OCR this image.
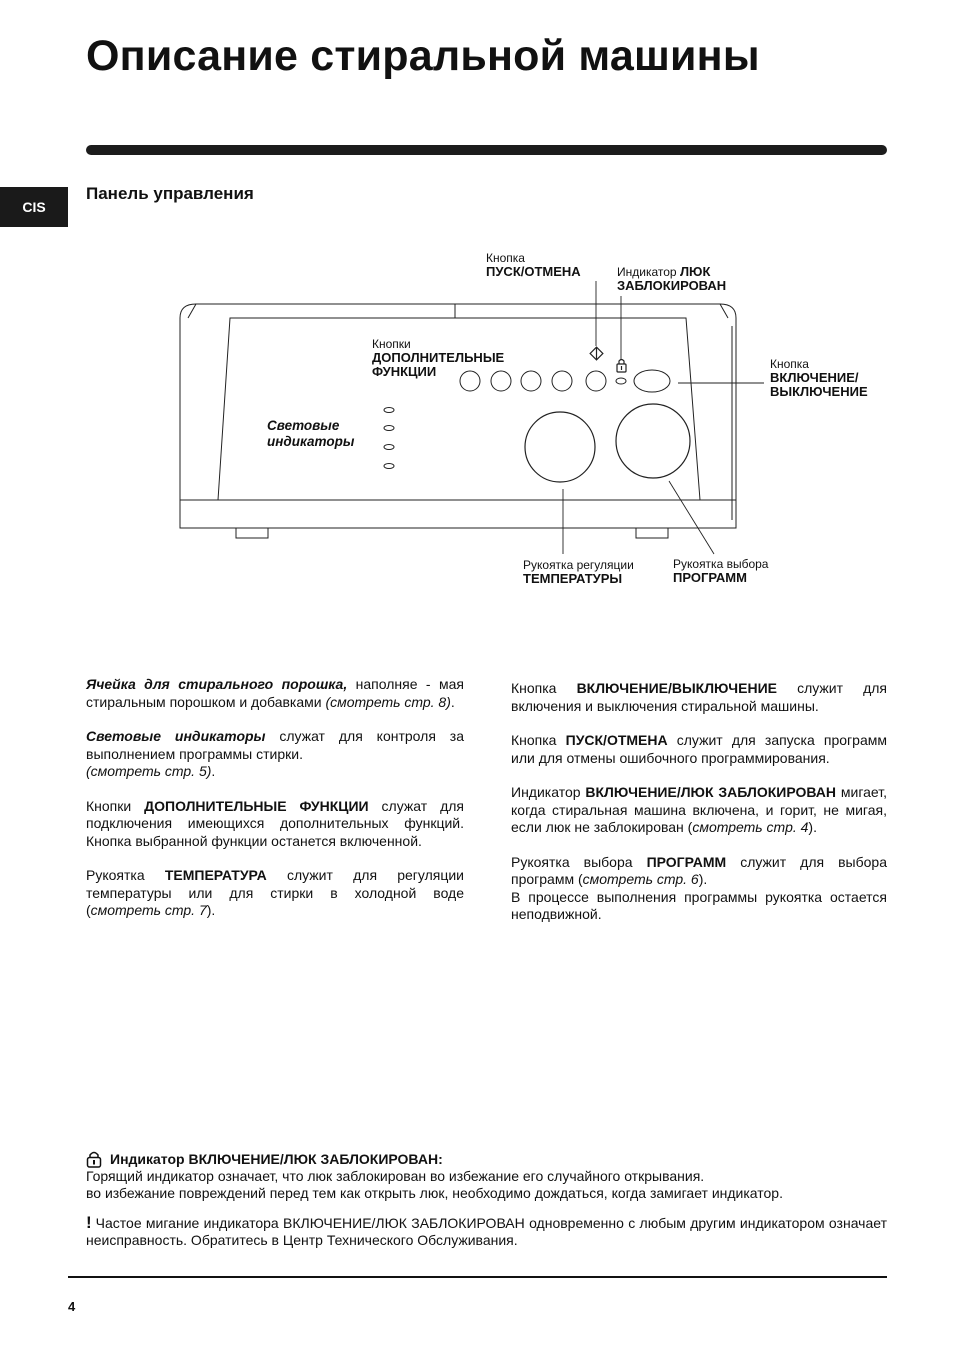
Описание стиральной машины
CIS
Панель управления
Кнопка
ПУСК/ОТМЕНА	Индикатор ЛЮК
ЗАБЛОКИРОВАН
Кнопки
ДОПОЛНИТЕЛЬНЫЕ
ФУНКЦИИ	Кнопка
ВКЛЮЧЕНИЕ/
ВЫКЛЮЧЕНИЕ
Световые
индикаторы
Рукоятка регуляции
ТЕМПЕРАТУРЫ
Рукоятка выбора
ПРОГРАММ

Ячейка для стирального порошка, наполняе - мая стиральным порошком и добавками (смотреть стр. 8).

Световые индикаторы служат для контроля за выполнением программы стирки.
(смотреть стр. 5).

Кнопки ДОПОЛНИТЕЛЬНЫЕ ФУНКЦИИ служат для подключения имеющихся дополнительных функций. Кнопка выбранной функции останется включенной.

Рукоятка ТЕМПЕРАТУРА служит для регуляции температуры или для стирки в холодной воде (смотреть стр. 7).

Кнопка ВКЛЮЧЕНИЕ/ВЫКЛЮЧЕНИЕ служит для включения и выключения стиральной машины.

Кнопка ПУСК/ОТМЕНА служит для запуска программ или для отмены ошибочного программирования.

Индикатор ВКЛЮЧЕНИЕ/ЛЮК ЗАБЛОКИРОВАН мигает, когда стиральная машина включена, и горит, не мигая, если люк не заблокирован (смотреть стр. 4).

Рукоятка выбора ПРОГРАММ служит для выбора программ (смотреть стр. 6).
В процессе выполнения программы рукоятка остается неподвижной.

Индикатор ВКЛЮЧЕНИЕ/ЛЮК ЗАБЛОКИРОВАН:

Горящий индикатор означает, что люк заблокирован во избежание его случайного открывания.

во избежание повреждений перед тем как открыть люк, необходимо дождаться, когда замигает индикатор.

! Частое мигание индикатора ВКЛЮЧЕНИЕ/ЛЮК ЗАБЛОКИРОВАН одновременно с любым другим индикатором означает неисправность. Обратитесь в Центр Технического Обслуживания.

4
